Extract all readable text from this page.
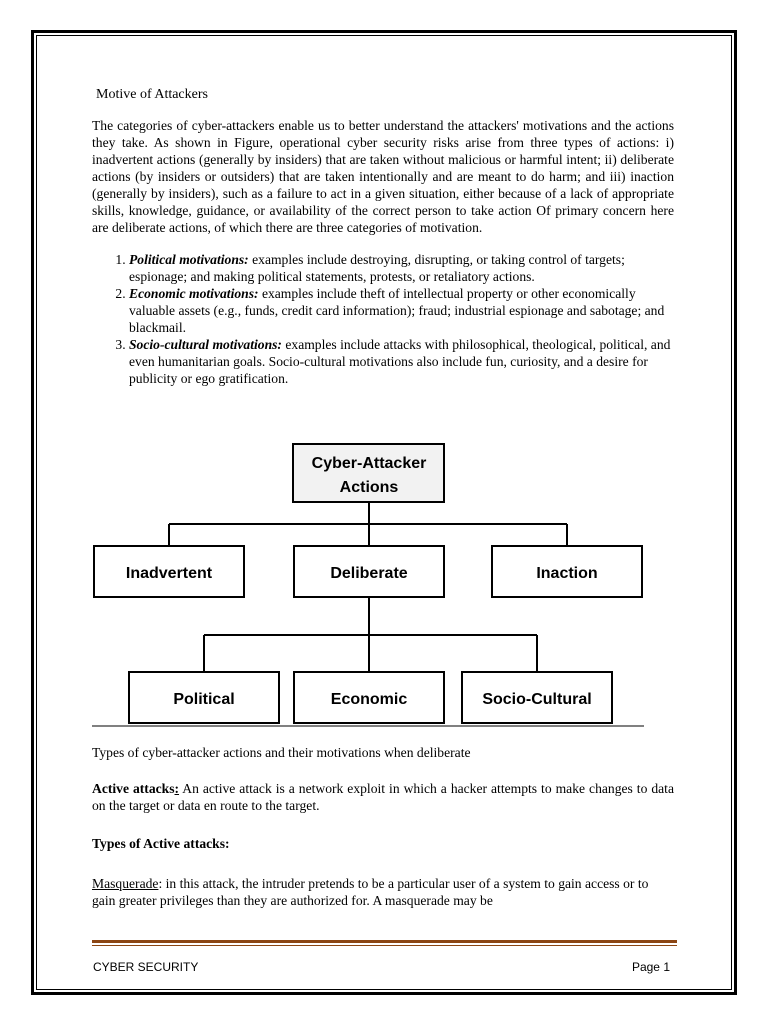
Motive of Attackers

The categories of cyber-attackers enable us to better understand the attackers' motivations and the actions they take. As shown in Figure, operational cyber security risks arise from three types of actions: i) inadvertent actions (generally by insiders) that are taken without malicious or harmful intent; ii) deliberate actions (by insiders or outsiders) that are taken intentionally and are meant to do harm; and iii) inaction (generally by insiders), such as a failure to act in a given situation, either because of a lack of appropriate skills, knowledge, guidance, or availability of the correct person to take action Of primary concern here are deliberate actions, of which there are three categories of motivation.

1. Political motivations: examples include destroying, disrupting, or taking control of targets; espionage; and making political statements, protests, or retaliatory actions.
2. Economic motivations: examples include theft of intellectual property or other economically valuable assets (e.g., funds, credit card information); fraud; industrial espionage and sabotage; and blackmail.
3. Socio-cultural motivations: examples include attacks with philosophical, theological, political, and even humanitarian goals. Socio-cultural motivations also include fun, curiosity, and a desire for publicity or ego gratification.
Cyber-Attacker
Actions
Inadvertent	Deliberate	Inaction
Political	Economic	Socio-Cultural
Types of cyber-attacker actions and their motivations when deliberate
Active attacks: An active attack is a network exploit in which a hacker attempts to make changes to data on the target or data en route to the target.
Types of Active attacks:
Masquerade: in this attack, the intruder pretends to be a particular user of a system to gain access or to gain greater privileges than they are authorized for. A masquerade may be
CYBER SECURITY	Page 1
